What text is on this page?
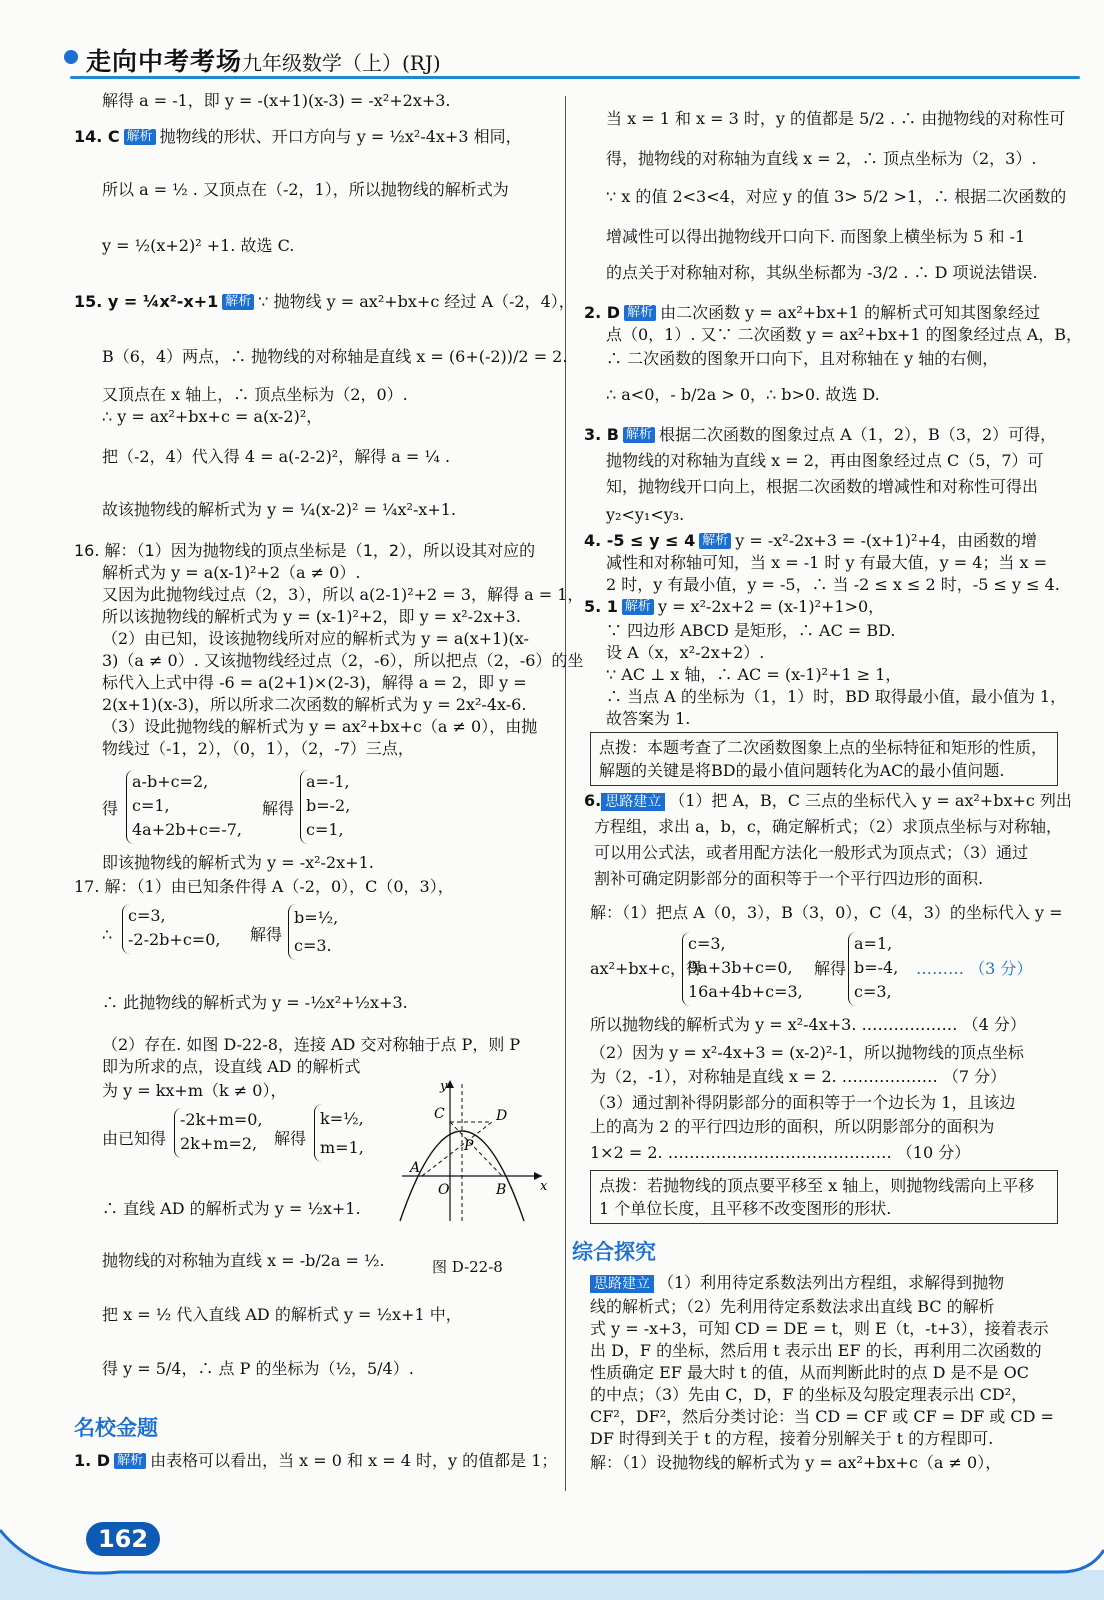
走向中考考场 九年级数学（上）(RJ)
解得 a = -1，即 y = -(x+1)(x-3) = -x²+2x+3.
14. C 解析 抛物线的形状、开口方向与 y = ½x²-4x+3 相同，
所以 a = ½ . 又顶点在（-2，1），所以抛物线的解析式为
y = ½(x+2)² +1. 故选 C.
15. y = ¼x²-x+1 解析 ∵ 抛物线 y = ax²+bx+c 经过 A（-2，4），
B（6，4）两点，∴ 抛物线的对称轴是直线 x = (6+(-2))/2 = 2.
又顶点在 x 轴上，∴ 顶点坐标为（2，0）.
∴ y = ax²+bx+c = a(x-2)²，
把（-2，4）代入得 4 = a(-2-2)²，解得 a = ¼ .
故该抛物线的解析式为 y = ¼(x-2)² = ¼x²-x+1.
16. 解：（1）因为抛物线的顶点坐标是（1，2），所以设其对应的
解析式为 y = a(x-1)²+2（a ≠ 0）.
又因为此抛物线过点（2，3），所以 a(2-1)²+2 = 3，解得 a = 1，
所以该抛物线的解析式为 y = (x-1)²+2，即 y = x²-2x+3.
（2）由已知，设该抛物线所对应的解析式为 y = a(x+1)(x-
3)（a ≠ 0）. 又该抛物线经过点（2，-6），所以把点（2，-6）的坐
标代入上式中得 -6 = a(2+1)×(2-3)，解得 a = 2，即 y =
2(x+1)(x-3)，所以所求二次函数的解析式为 y = 2x²-4x-6.
（3）设此抛物线的解析式为 y = ax²+bx+c（a ≠ 0），由抛
物线过（-1，2），（0，1），（2，-7）三点，
得
a-b+c=2,
c=1,
4a+2b+c=-7,
解得
a=-1,
b=-2,
c=1,
即该抛物线的解析式为 y = -x²-2x+1.
17. 解：（1）由已知条件得 A（-2，0），C（0，3），
∴
c=3,
-2-2b+c=0, 解得
b=½,
c=3.
∴ 此抛物线的解析式为 y = -½x²+½x+3.
（2）存在. 如图 D-22-8，连接 AD 交对称轴于点 P，则 P
即为所求的点，设直线 AD 的解析式
为 y = kx+m（k ≠ 0），
由已知得
-2k+m=0,
2k+m=2,	解得
k=½,
m=1,
∴ 直线 AD 的解析式为 y = ½x+1.
抛物线的对称轴为直线 x = -b/2a = ½.
把 x = ½ 代入直线 AD 的解析式 y = ½x+1 中，
得 y = 5/4，∴ 点 P 的坐标为（½，5/4）.
y
C	D
P
A
O	B	x
图 D-22-8
名校金题
1. D 解析 由表格可以看出，当 x = 0 和 x = 4 时，y 的值都是 1；
当 x = 1 和 x = 3 时，y 的值都是 5/2 . ∴ 由抛物线的对称性可
得，抛物线的对称轴为直线 x = 2，∴ 顶点坐标为（2，3）.
∵ x 的值 2<3<4，对应 y 的值 3> 5/2 >1，∴ 根据二次函数的
增减性可以得出抛物线开口向下. 而图象上横坐标为 5 和 -1
的点关于对称轴对称，其纵坐标都为 -3/2 . ∴ D 项说法错误.
2. D 解析 由二次函数 y = ax²+bx+1 的解析式可知其图象经过
点（0，1）. 又∵ 二次函数 y = ax²+bx+1 的图象经过点 A，B，
∴ 二次函数的图象开口向下，且对称轴在 y 轴的右侧，
∴ a<0，- b/2a > 0，∴ b>0. 故选 D.
3. B 解析 根据二次函数的图象过点 A（1，2），B（3，2）可得，
抛物线的对称轴为直线 x = 2，再由图象经过点 C（5，7）可
知，抛物线开口向上，根据二次函数的增减性和对称性可得出
y₂<y₁<y₃.
4. -5 ≤ y ≤ 4 解析 y = -x²-2x+3 = -(x+1)²+4，由函数的增
减性和对称轴可知，当 x = -1 时 y 有最大值，y = 4；当 x =
2 时，y 有最小值，y = -5，∴ 当 -2 ≤ x ≤ 2 时，-5 ≤ y ≤ 4.
5. 1 解析 y = x²-2x+2 = (x-1)²+1>0，
∵ 四边形 ABCD 是矩形，∴ AC = BD.
设 A（x，x²-2x+2）.
∵ AC ⊥ x 轴，∴ AC = (x-1)²+1 ≥ 1，
∴ 当点 A 的坐标为（1，1）时，BD 取得最小值，最小值为 1，
故答案为 1.
点拨：本题考查了二次函数图象上点的坐标特征和矩形的性质，解题的关键是将BD的最小值问题转化为AC的最小值问题.
6. 思路建立 （1）把 A，B，C 三点的坐标代入 y = ax²+bx+c 列出
方程组，求出 a，b，c，确定解析式；（2）求顶点坐标与对称轴，
可以用公式法，或者用配方法化一般形式为顶点式；（3）通过
割补可确定阴影部分的面积等于一个平行四边形的面积.
解：（1）把点 A（0，3），B（3，0），C（4，3）的坐标代入 y =
ax²+bx+c，得
c=3,
9a+3b+c=0,
16a+4b+c=3,
解得
a=1,
b=-4,
c=3,
……… （3 分）
所以抛物线的解析式为 y = x²-4x+3. ……………… （4 分）
（2）因为 y = x²-4x+3 = (x-2)²-1，所以抛物线的顶点坐标
为（2，-1），对称轴是直线 x = 2. ……………… （7 分）
（3）通过割补得阴影部分的面积等于一个边长为 1，且该边
上的高为 2 的平行四边形的面积，所以阴影部分的面积为
1×2 = 2. …………………………………… （10 分）
点拨：若抛物线的顶点要平移至 x 轴上，则抛物线需向上平移 1 个单位长度，且平移不改变图形的形状.
综合探究
思路建立 （1）利用待定系数法列出方程组，求解得到抛物
线的解析式；（2）先利用待定系数法求出直线 BC 的解析
式 y = -x+3，可知 CD = DE = t，则 E（t，-t+3），接着表示
出 D，F 的坐标，然后用 t 表示出 EF 的长，再利用二次函数的
性质确定 EF 最大时 t 的值，从而判断此时的点 D 是不是 OC
的中点；（3）先由 C，D，F 的坐标及勾股定理表示出 CD²，
CF²，DF²，然后分类讨论：当 CD = CF 或 CF = DF 或 CD =
DF 时得到关于 t 的方程，接着分别解关于 t 的方程即可.
解：（1）设抛物线的解析式为 y = ax²+bx+c（a ≠ 0），
162
